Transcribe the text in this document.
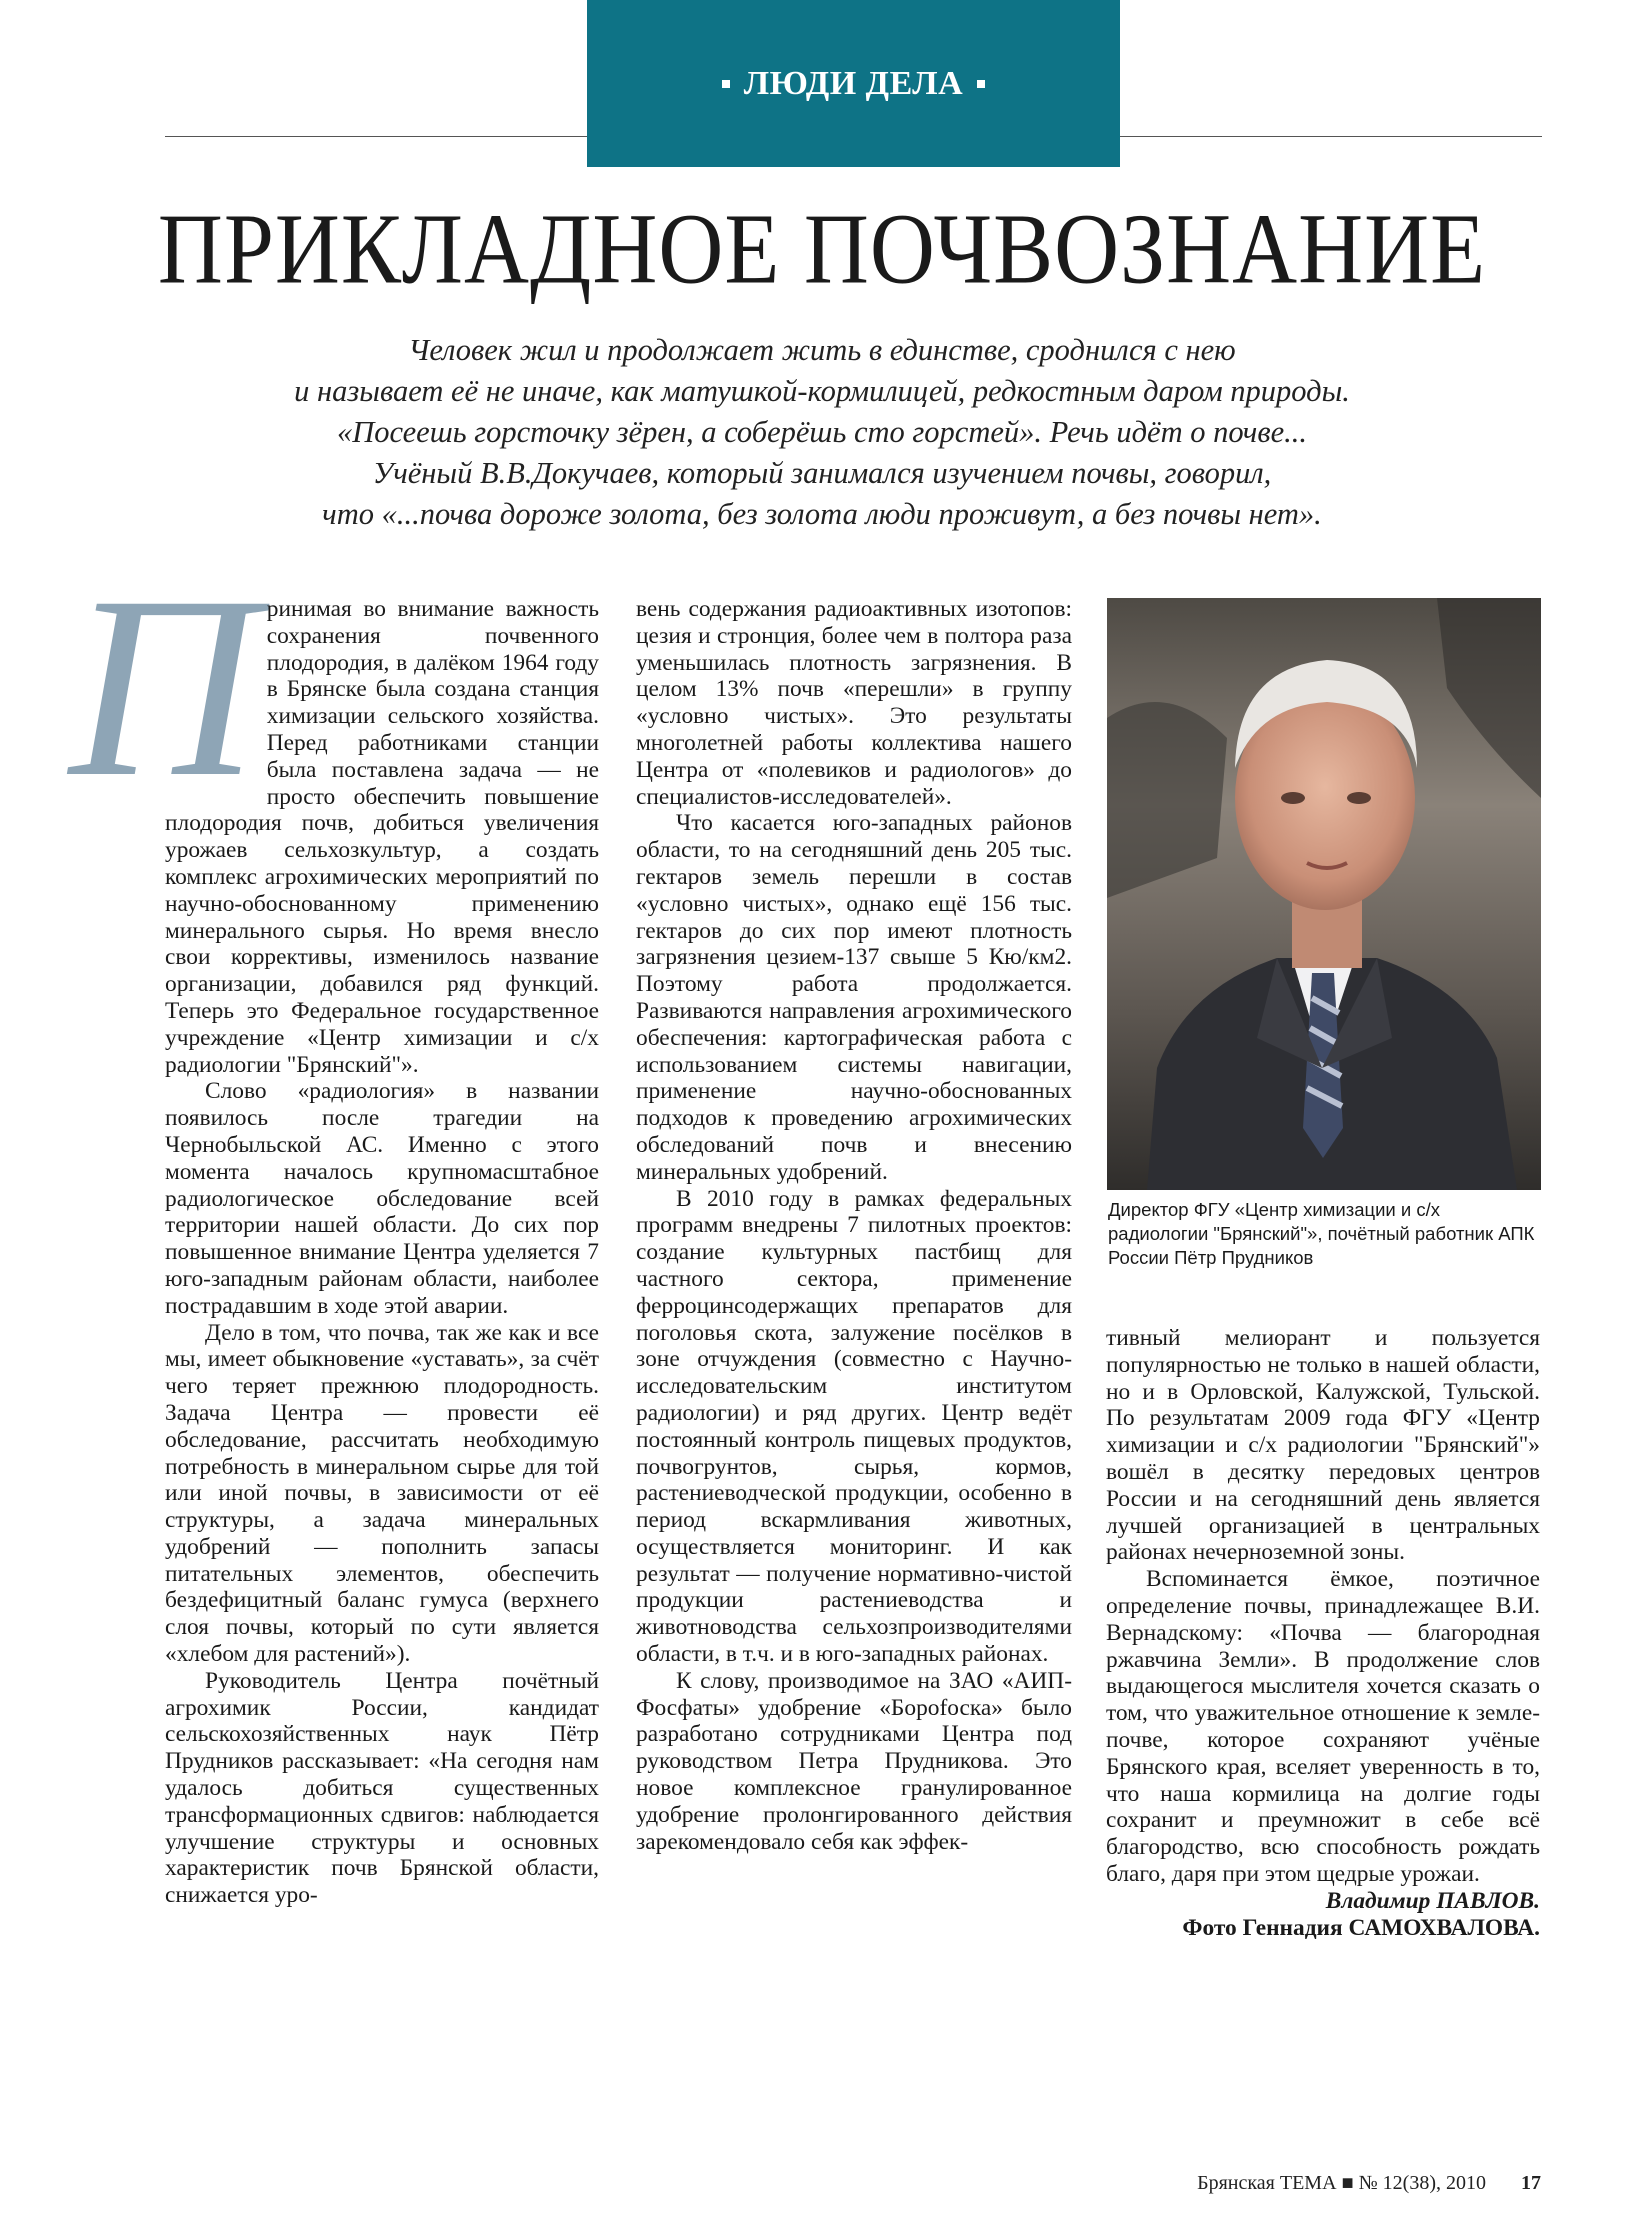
ЛЮДИ ДЕЛА
ПРИКЛАДНОЕ ПОЧВОЗНАНИЕ
Человек жил и продолжает жить в единстве, сроднился с нею
и называет её не иначе, как матушкой-кормилицей, редкостным даром природы.
«Посеешь горсточку зёрен, а соберёшь сто горстей». Речь идёт о почве...
Учёный В.В.Докучаев, который занимался изучением почвы, говорил,
что «...почва дороже золота, без золота люди проживут, а без почвы нет».
П ринимая во внимание важность сохранения почвенного плодородия, в далёком 1964 году в Брянске была создана станция химизации сельского хозяйства. Перед работниками станции была поставлена задача — не просто обеспечить повышение плодородия почв, добиться увеличения урожаев сельхозкультур, а создать комплекс агрохимических мероприятий по научно-обоснованному применению минерального сырья. Но время внесло свои коррективы, изменилось название организации, добавился ряд функций. Теперь это Федеральное государственное учреждение «Центр химизации и с/х радиологии "Брянский"».

Слово «радиология» в названии появилось после трагедии на Чернобыльской АС. Именно с этого момента началось крупномасштабное радиологическое обследование всей территории нашей области. До сих пор повышенное внимание Центра уделяется 7 юго-западным районам области, наиболее пострадавшим в ходе этой аварии.

Дело в том, что почва, так же как и все мы, имеет обыкновение «уставать», за счёт чего теряет прежнюю плодородность. Задача Центра — провести её обследование, рассчитать необходимую потребность в минеральном сырье для той или иной почвы, в зависимости от её структуры, а задача минеральных удобрений — пополнить запасы питательных элементов, обеспечить бездефицитный баланс гумуса (верхнего слоя почвы, который по сути является «хлебом для растений»).

Руководитель Центра почётный агрохимик России, кандидат сельскохозяйственных наук Пётр Прудников рассказывает: «На сегодня нам удалось добиться существенных трансформационных сдвигов: наблюдается улучшение структуры и основных характеристик почв Брянской области, снижается уро-

вень содержания радиоактивных изотопов: цезия и стронция, более чем в полтора раза уменьшилась плотность загрязнения. В целом 13% почв «перешли» в группу «условно чистых». Это результаты многолетней работы коллектива нашего Центра от «полевиков и радиологов» до специалистов-исследователей».

Что касается юго-западных районов области, то на сегодняшний день 205 тыс. гектаров земель перешли в состав «условно чистых», однако ещё 156 тыс. гектаров до сих пор имеют плотность загрязнения цезием-137 свыше 5 Кю/км2. Поэтому работа продолжается. Развиваются направления агрохимического обеспечения: картографическая работа с использованием системы навигации, применение научно-обоснованных подходов к проведению агрохимических обследований почв и внесению минеральных удобрений.

В 2010 году в рамках федеральных программ внедрены 7 пилотных проектов: создание культурных пастбищ для частного сектора, применение ферроцинсодержащих препаратов для поголовья скота, залужение посёлков в зоне отчуждения (совместно с Научно-исследовательским институтом радиологии) и ряд других. Центр ведёт постоянный контроль пищевых продуктов, почвогрунтов, сырья, кормов, растениеводческой продукции, особенно в период вскармливания животных, осуществляется мониторинг. И как результат — получение нормативно-чистой продукции растениеводства и животноводства сельхозпроизводителями области, в т.ч. и в юго-западных районах.

К слову, производимое на ЗАО «АИП-Фосфаты» удобрение «Бороfоска» было разработано сотрудниками Центра под руководством Петра Прудникова. Это новое комплексное гранулированное удобрение пролонгированного действия зарекомендовало себя как эффек-

Директор ФГУ «Центр химизации и с/х радиологии "Брянский"», почётный работник АПК России Пётр Прудников

тивный мелиорант и пользуется популярностью не только в нашей области, но и в Орловской, Калужской, Тульской. По результатам 2009 года ФГУ «Центр химизации и с/х радиологии "Брянский"» вошёл в десятку передовых центров России и на сегодняшний день является лучшей организацией в центральных районах нечерноземной зоны.

Вспоминается ёмкое, поэтичное определение почвы, принадлежащее В.И. Вернадскому: «Почва — благородная ржавчина Земли». В продолжение слов выдающегося мыслителя хочется сказать о том, что уважительное отношение к земле-почве, которое сохраняют учёные Брянского края, вселяет уверенность в то, что наша кормилица на долгие годы сохранит и преумножит в себе всё благородство, всю способность рождать благо, даря при этом щедрые урожаи.

Владимир ПАВЛОВ.
Фото Геннадия САМОХВАЛОВА.
Брянская ТЕМА ■ № 12(38), 2010 17
